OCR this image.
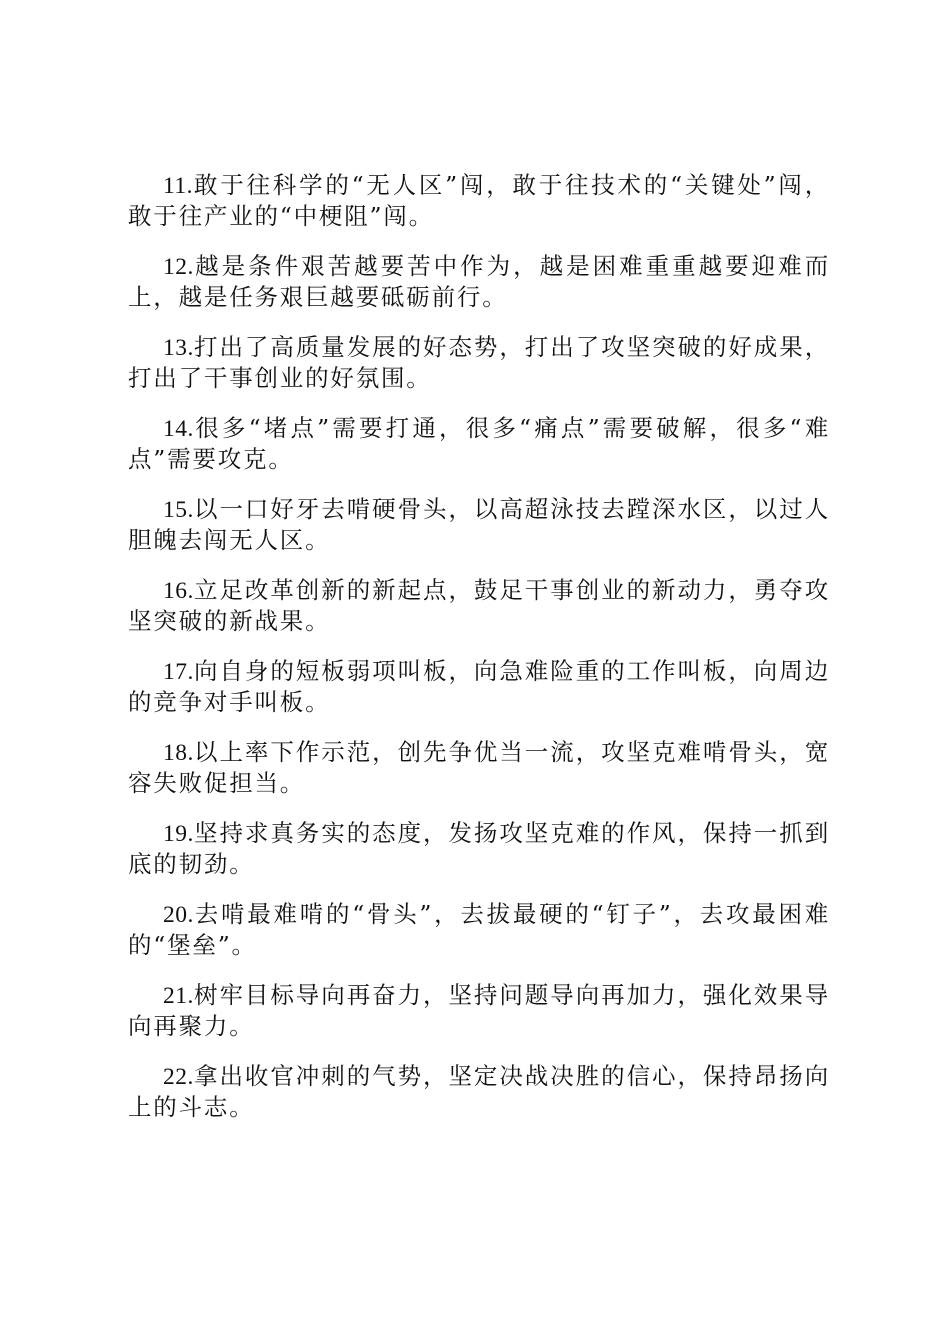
11.敢于往科学的“无人区”闯，敢于往技术的“关键处”闯，敢于往产业的“中梗阻”闯。

12.越是条件艰苦越要苦中作为，越是困难重重越要迎难而上，越是任务艰巨越要砥砺前行。

13.打出了高质量发展的好态势，打出了攻坚突破的好成果，打出了干事创业的好氛围。

14.很多“堵点”需要打通，很多“痛点”需要破解，很多“难点”需要攻克。

15.以一口好牙去啃硬骨头，以高超泳技去蹚深水区，以过人胆魄去闯无人区。

16.立足改革创新的新起点，鼓足干事创业的新动力，勇夺攻坚突破的新战果。

17.向自身的短板弱项叫板，向急难险重的工作叫板，向周边的竞争对手叫板。

18.以上率下作示范，创先争优当一流，攻坚克难啃骨头，宽容失败促担当。

19.坚持求真务实的态度，发扬攻坚克难的作风，保持一抓到底的韧劲。

20.去啃最难啃的“骨头”，去拔最硬的“钉子”，去攻最困难的“堡垒”。

21.树牢目标导向再奋力，坚持问题导向再加力，强化效果导向再聚力。

22.拿出收官冲刺的气势，坚定决战决胜的信心，保持昂扬向上的斗志。
